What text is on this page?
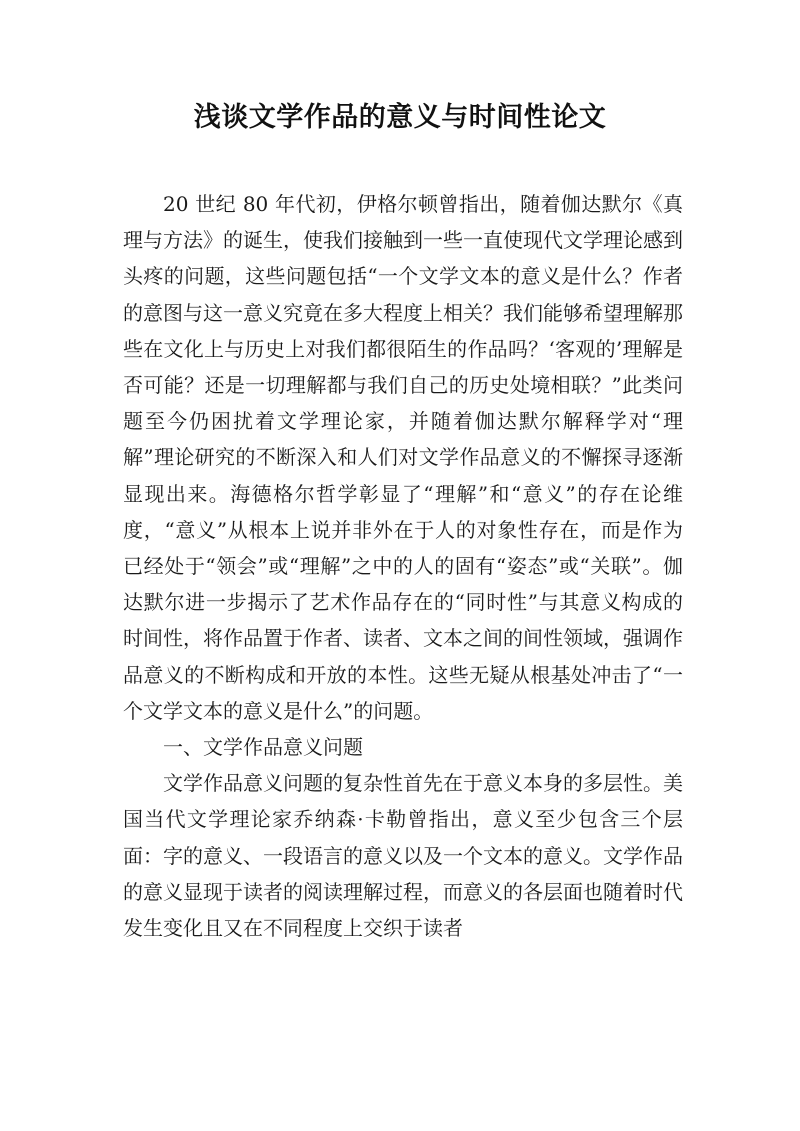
浅谈文学作品的意义与时间性论文

20 世纪 80 年代初，伊格尔顿曾指出，随着伽达默尔《真理与方法》的诞生，使我们接触到一些一直使现代文学理论感到头疼的问题，这些问题包括“一个文学文本的意义是什么？作者的意图与这一意义究竟在多大程度上相关？我们能够希望理解那些在文化上与历史上对我们都很陌生的作品吗？‘客观的’理解是否可能？还是一切理解都与我们自己的历史处境相联？”此类问题至今仍困扰着文学理论家，并随着伽达默尔解释学对“理解”理论研究的不断深入和人们对文学作品意义的不懈探寻逐渐显现出来。海德格尔哲学彰显了“理解”和“意义”的存在论维度，“意义”从根本上说并非外在于人的对象性存在，而是作为已经处于“领会”或“理解”之中的人的固有“姿态”或“关联”。伽达默尔进一步揭示了艺术作品存在的“同时性”与其意义构成的时间性，将作品置于作者、读者、文本之间的间性领域，强调作品意义的不断构成和开放的本性。这些无疑从根基处冲击了“一个文学文本的意义是什么”的问题。

一、文学作品意义问题

文学作品意义问题的复杂性首先在于意义本身的多层性。美国当代文学理论家乔纳森·卡勒曾指出，意义至少包含三个层面：字的意义、一段语言的意义以及一个文本的意义。文学作品的意义显现于读者的阅读理解过程，而意义的各层面也随着时代发生变化且又在不同程度上交织于读者
